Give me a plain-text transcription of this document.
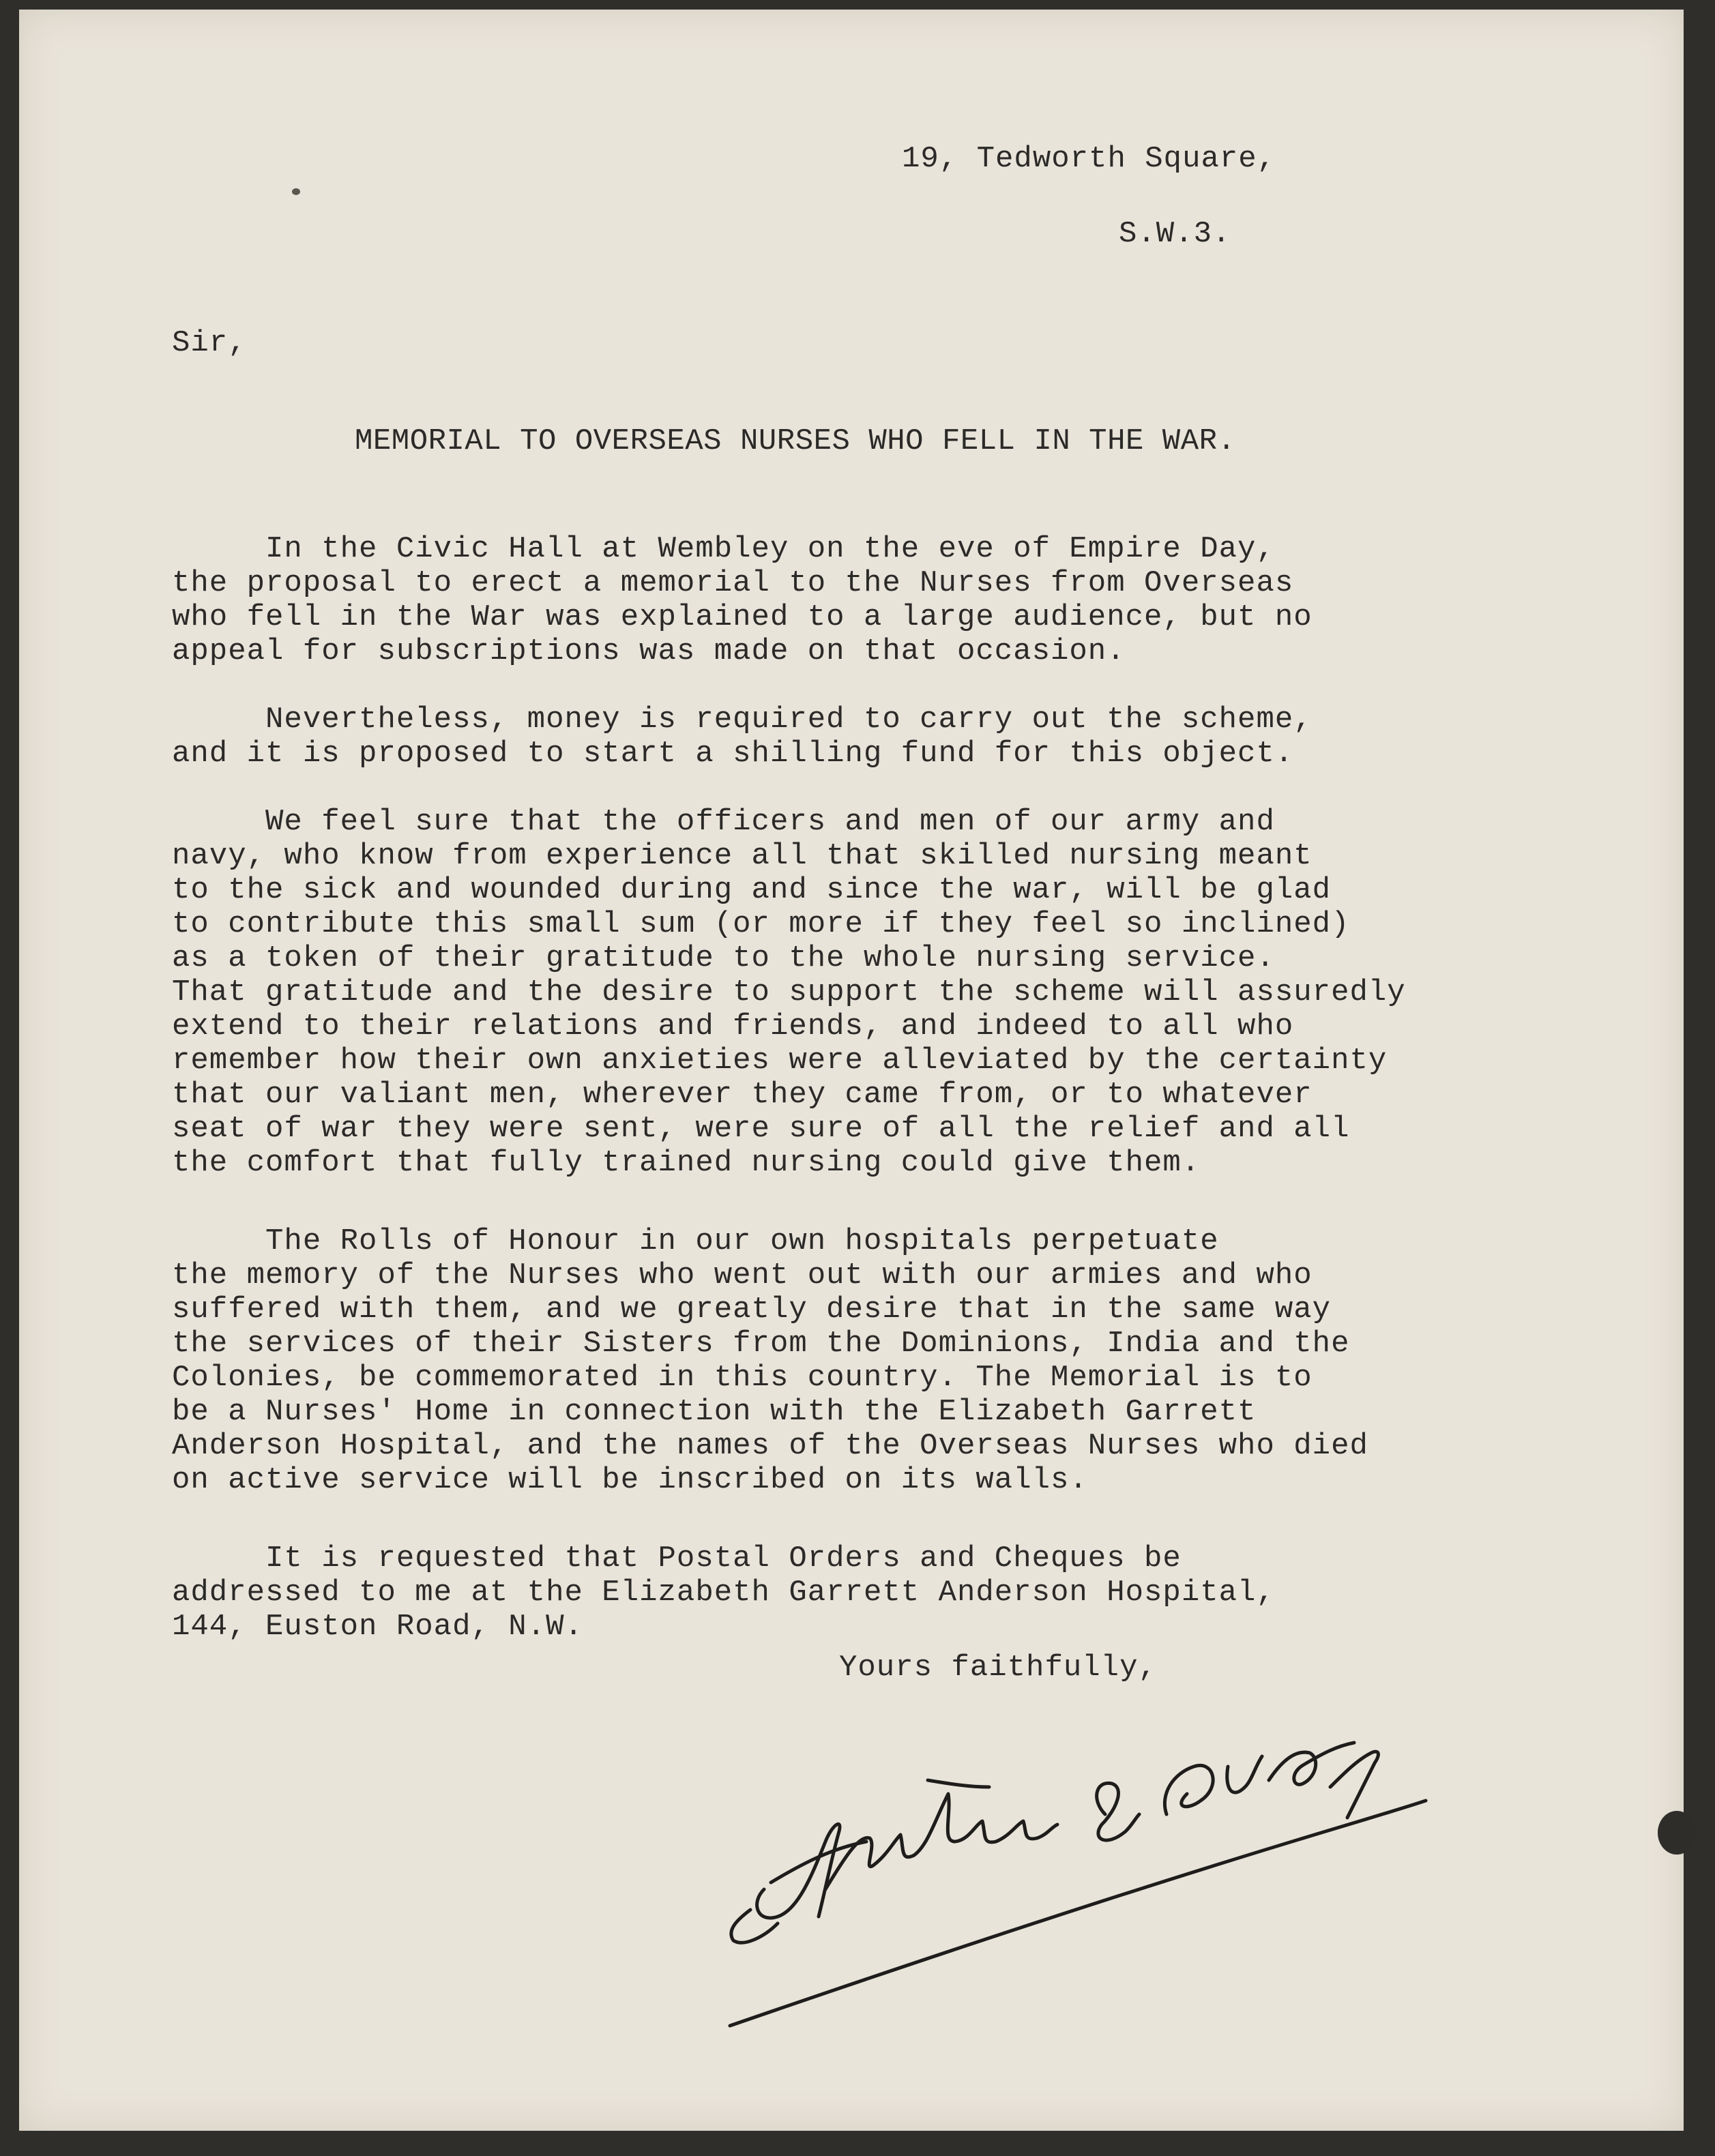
19, Tedworth Square,
S.W.3.
Sir,
MEMORIAL TO OVERSEAS NURSES WHO FELL IN THE WAR.
In the Civic Hall at Wembley on the eve of Empire Day,
the proposal to erect a memorial to the Nurses from Overseas
who fell in the War was explained to a large audience, but no
appeal for subscriptions was made on that occasion.
Nevertheless, money is required to carry out the scheme,
and it is proposed to start a shilling fund for this object.
We feel sure that the officers and men of our army and
navy, who know from experience all that skilled nursing meant
to the sick and wounded during and since the war, will be glad
to contribute this small sum (or more if they feel so inclined)
as a token of their gratitude to the whole nursing service.
That gratitude and the desire to support the scheme will assuredly
extend to their relations and friends, and indeed to all who
remember how their own anxieties were alleviated by the certainty
that our valiant men, wherever they came from, or to whatever
seat of war they were sent, were sure of all the relief and all
the comfort that fully trained nursing could give them.
The Rolls of Honour in our own hospitals perpetuate
the memory of the Nurses who went out with our armies and who
suffered with them, and we greatly desire that in the same way
the services of their Sisters from the Dominions, India and the
Colonies, be commemorated in this country. The Memorial is to
be a Nurses' Home in connection with the Elizabeth Garrett
Anderson Hospital, and the names of the Overseas Nurses who died
on active service will be inscribed on its walls.
It is requested that Postal Orders and Cheques be
addressed to me at the Elizabeth Garrett Anderson Hospital,
144, Euston Road, N.W.
Yours faithfully,
